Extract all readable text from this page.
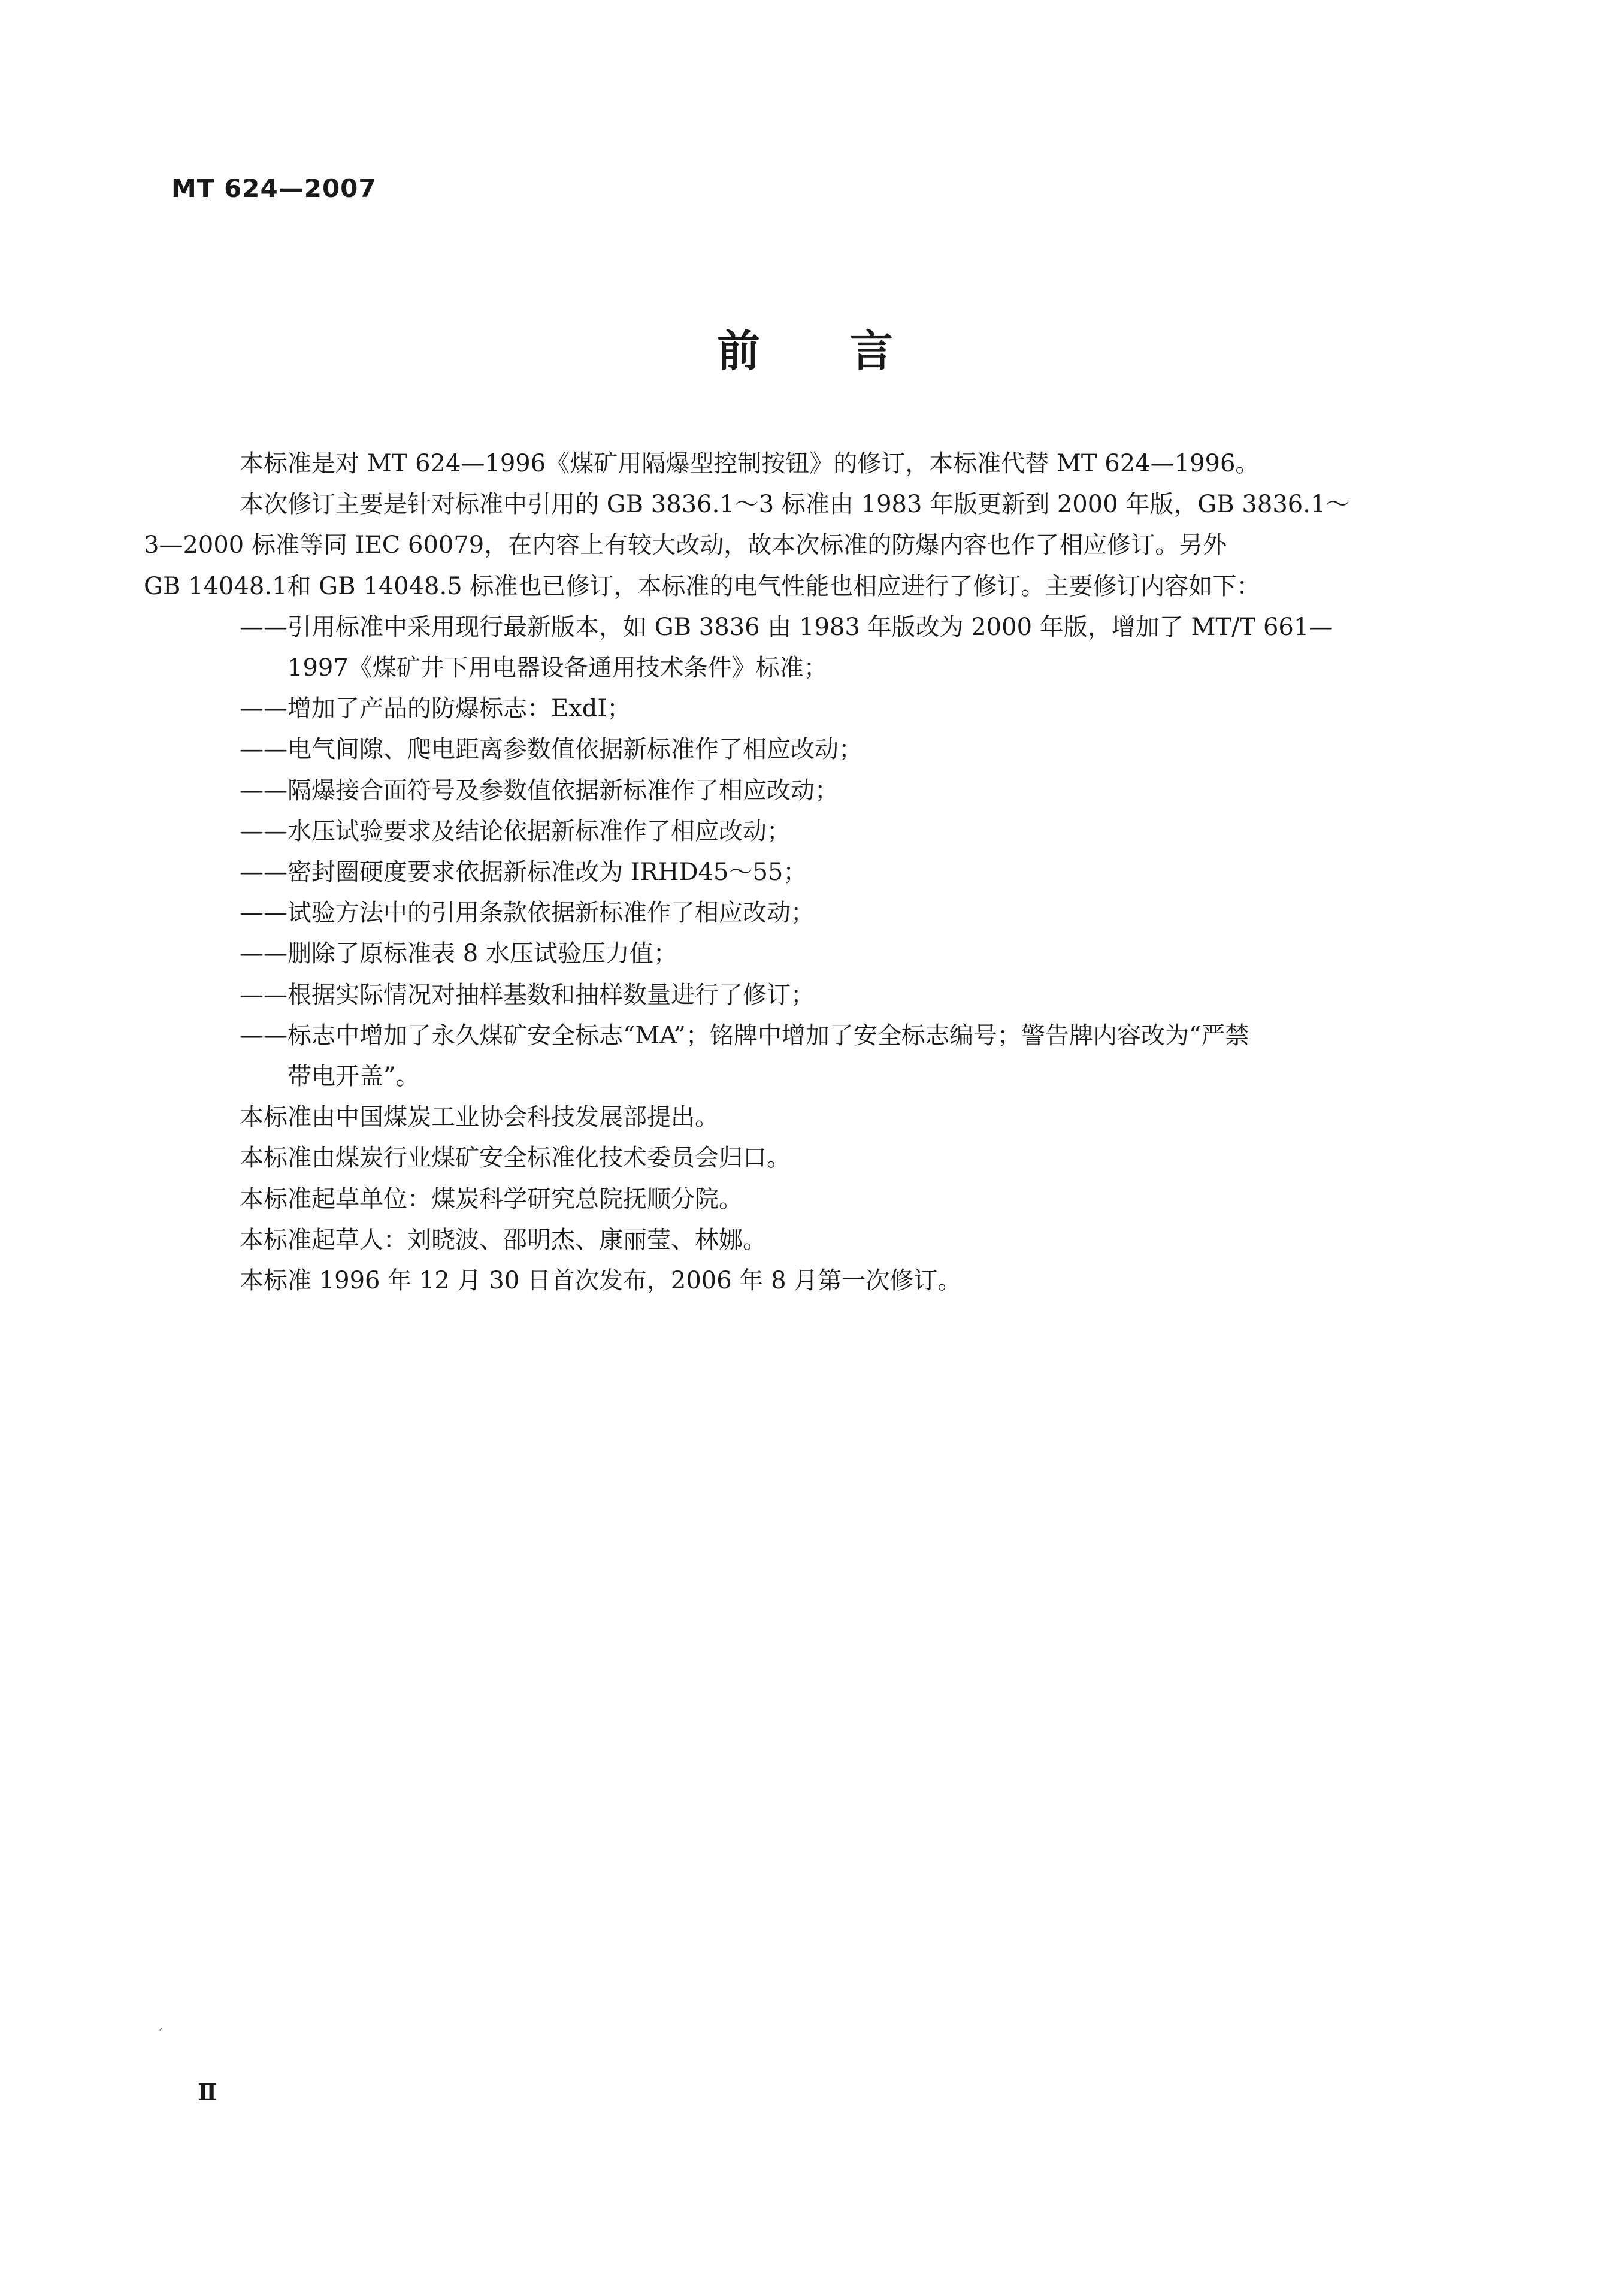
MT 624—2007
前言

本标准是对 MT 624—1996《煤矿用隔爆型控制按钮》的修订，本标准代替 MT 624—1996。

本次修订主要是针对标准中引用的 GB 3836.1～3 标准由 1983 年版更新到 2000 年版，GB 3836.1～

3—2000 标准等同 IEC 60079，在内容上有较大改动，故本次标准的防爆内容也作了相应修订。另外

GB 14048.1和 GB 14048.5 标准也已修订，本标准的电气性能也相应进行了修订。主要修订内容如下：

——引用标准中采用现行最新版本，如 GB 3836 由 1983 年版改为 2000 年版，增加了 MT/T 661—
1997《煤矿井下用电器设备通用技术条件》标准；
——增加了产品的防爆标志：ExdI；
——电气间隙、爬电距离参数值依据新标准作了相应改动；
——隔爆接合面符号及参数值依据新标准作了相应改动；
——水压试验要求及结论依据新标准作了相应改动；
——密封圈硬度要求依据新标准改为 IRHD45～55；
——试验方法中的引用条款依据新标准作了相应改动；
——删除了原标准表 8 水压试验压力值；
——根据实际情况对抽样基数和抽样数量进行了修订；
——标志中增加了永久煤矿安全标志“MA”；铭牌中增加了安全标志编号；警告牌内容改为“严禁
带电开盖”。

本标准由中国煤炭工业协会科技发展部提出。

本标准由煤炭行业煤矿安全标准化技术委员会归口。

本标准起草单位：煤炭科学研究总院抚顺分院。

本标准起草人：刘晓波、邵明杰、康丽莹、林娜。

本标准 1996 年 12 月 30 日首次发布，2006 年 8 月第一次修订。

ˊ
Ⅱ
